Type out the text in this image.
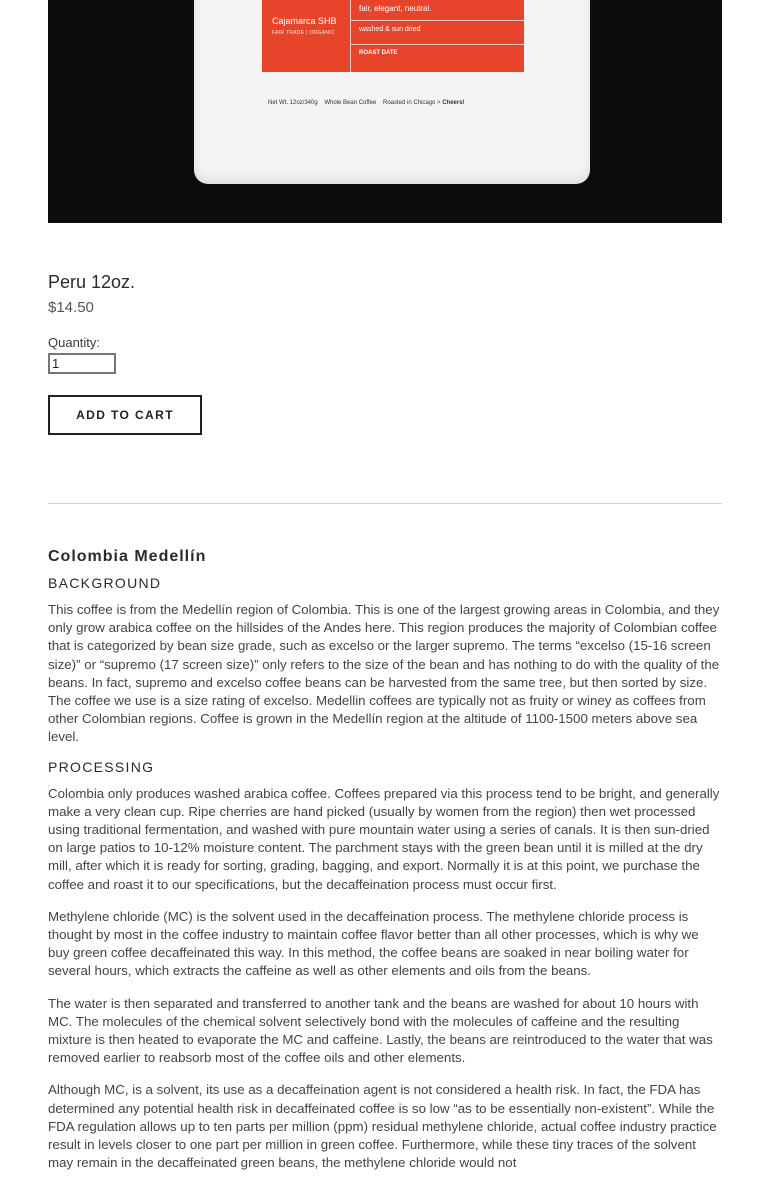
Cajamarca SHB
FAIR TRADE | ORGANIC
fair, elegant, neutral.
washed & sun dried
ROAST DATE
Net Wt. 12oz/340g Whole Bean Coffee Roasted in Chicago > Cheers!
Peru 12oz.
$14.50
Quantity:
1
ADD TO CART
Colombia Medellín
BACKGROUND

This coffee is from the Medellín region of Colombia. This is one of the largest growing areas in Colombia, and they only grow arabica coffee on the hillsides of the Andes here. This region produces the majority of Colombian coffee that is categorized by bean size grade, such as excelso or the larger supremo. The terms “excelso (15-16 screen size)” or “supremo (17 screen size)” only refers to the size of the bean and has nothing to do with the quality of the beans. In fact, supremo and excelso coffee beans can be harvested from the same tree, but then sorted by size. The coffee we use is a size rating of excelso. Medellin coffees are typically not as fruity or winey as coffees from other Colombian regions. Coffee is grown in the Medellín region at the altitude of 1100-1500 meters above sea level.

PROCESSING

Colombia only produces washed arabica coffee. Coffees prepared via this process tend to be bright, and generally make a very clean cup. Ripe cherries are hand picked (usually by women from the region) then wet processed using traditional fermentation, and washed with pure mountain water using a series of canals. It is then sun-dried on large patios to 10-12% moisture content. The parchment stays with the green bean until it is milled at the dry mill, after which it is ready for sorting, grading, bagging, and export. Normally it is at this point, we purchase the coffee and roast it to our specifications, but the decaffeination process must occur first.

Methylene chloride (MC) is the solvent used in the decaffeination process. The methylene chloride process is thought by most in the coffee industry to maintain coffee flavor better than all other processes, which is why we buy green coffee decaffeinated this way. In this method, the coffee beans are soaked in near boiling water for several hours, which extracts the caffeine as well as other elements and oils from the beans.

The water is then separated and transferred to another tank and the beans are washed for about 10 hours with MC. The molecules of the chemical solvent selectively bond with the molecules of caffeine and the resulting mixture is then heated to evaporate the MC and caffeine. Lastly, the beans are reintroduced to the water that was removed earlier to reabsorb most of the coffee oils and other elements.

Although MC, is a solvent, its use as a decaffeination agent is not considered a health risk. In fact, the FDA has determined any potential health risk in decaffeinated coffee is so low “as to be essentially non-existent”. While the FDA regulation allows up to ten parts per million (ppm) residual methylene chloride, actual coffee industry practice result in levels closer to one part per million in green coffee. Furthermore, while these tiny traces of the solvent may remain in the decaffeinated green beans, the methylene chloride would not
